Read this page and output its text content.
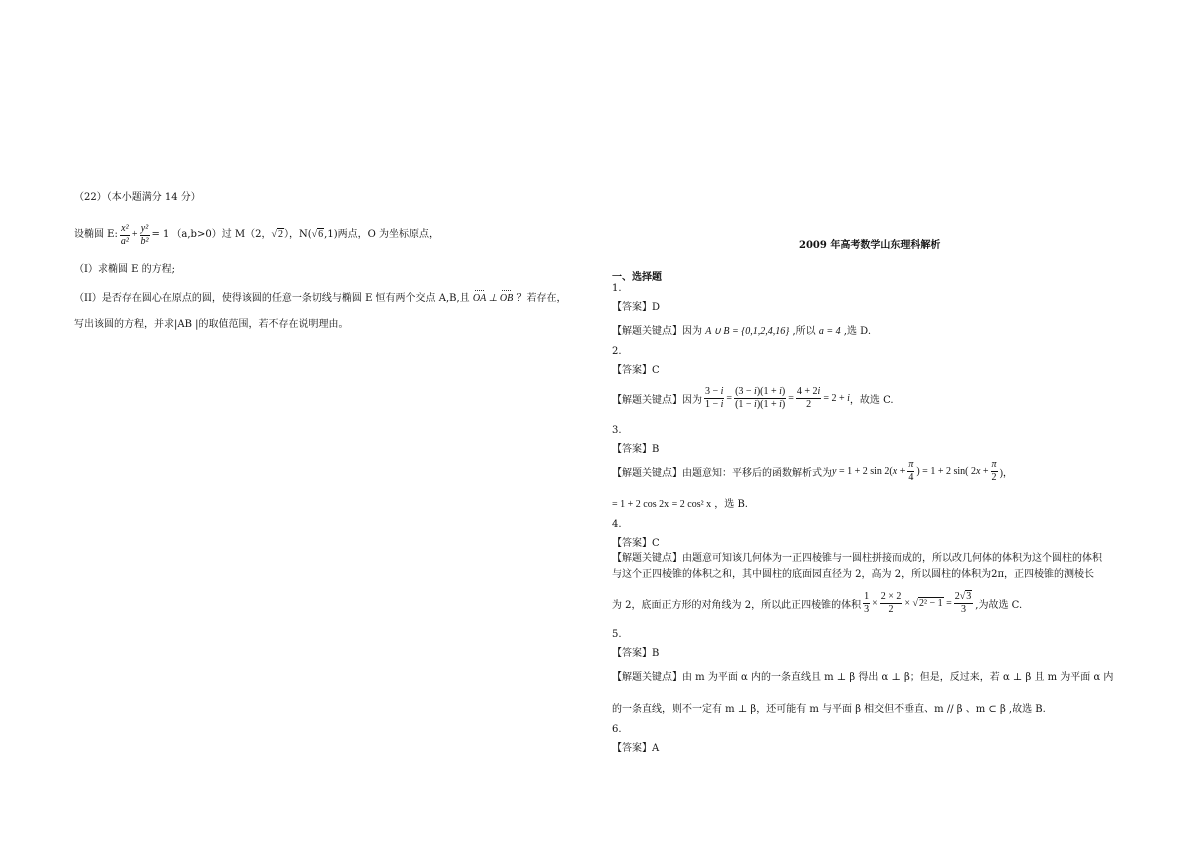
（22）（本小题满分 14 分）
设椭圆 E: $\frac{\text{x²}}{\text{a²}} + \frac{\text{y²}}{\text{b²}} = 1$ （a,b>0）过 M（2， √2 ），N( √6 ,1)两点，O 为坐标原点，
（I）求椭圆 E 的方程;
（II）是否存在圆心在原点的圆，使得该圆的任意一条切线与椭圆 E 恒有两个交点 A,B,且 OA ⊥ OB ？若存在，
写出该圆的方程，并求|AB |的取值范围，若不存在说明理由。
2009 年高考数学山东理科解析
一、选择题
1.
【答案】D
【解题关键点】因为 A ∪ B = {0,1,2,4,16} ,所以 a = 4 ,选 D.
2.
【答案】C
【解题关键点】因为 $\frac{3 - i}{1 - i} = \frac{(3 - i)(1 + i)}{(1 - i)(1 + i)} = \frac{4 + 2i}{2} = 2 + i$ ，故选 C.
3.
【答案】B
【解题关键点】由题意知：平移后的函数解析式为 y = 1 + 2 $\sin 2(x + \frac{\pi}{4}$ ) = 1 + 2 sin( $2x + \frac{\pi}{2}$ )，
= 1 + 2 cos 2x = 2 cos² x ，选 B.
4.
【答案】C
【解题关键点】由题意可知该几何体为一正四棱锥与一圆柱拼接而成的，所以改几何体的体积为这个圆柱的体积
与这个正四棱锥的体积之和，其中圆柱的底面园直径为 2，高为 2，所以圆柱的体积为2π，正四棱锥的测棱长
为 2，底面正方形的对角线为 2，所以此正四棱锥的体积 $\frac{1}{3} \times \frac{2 \times 2}{2} \times √2^2 - 1 = \frac{2√3}{3}$ ,为故选 C.
5.
【答案】B
【解题关键点】由 m 为平面 α 内的一条直线且 m ⊥ β 得出 α ⊥ β；但是，反过来，若 α ⊥ β 且 m 为平面 α 内
的一条直线，则不一定有 m ⊥ β，还可能有 m 与平面 β 相交但不垂直、m // β 、m ⊂ β ,故选 B.
6.
【答案】A
